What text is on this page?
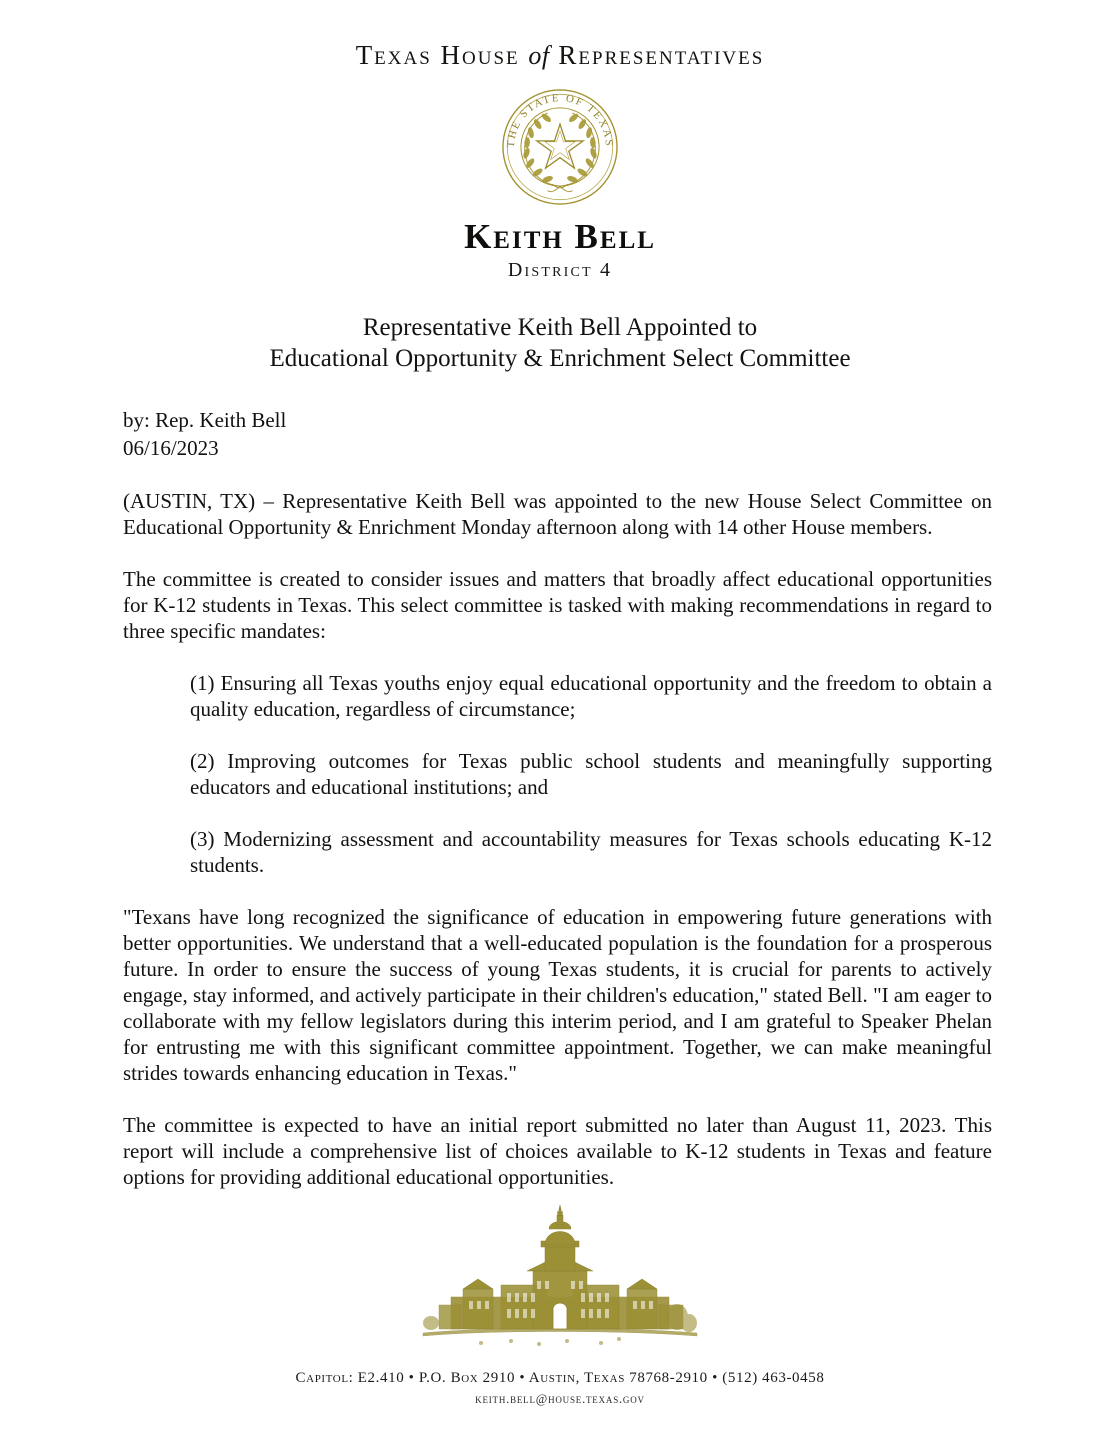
Texas House of Representatives
THE STATE OF TEXAS
Keith Bell
District 4
Representative Keith Bell Appointed to
Educational Opportunity & Enrichment Select Committee
by: Rep. Keith Bell
06/16/2023

(AUSTIN, TX) – Representative Keith Bell was appointed to the new House Select Committee on Educational Opportunity & Enrichment Monday afternoon along with 14 other House members.

The committee is created to consider issues and matters that broadly affect educational opportunities for K-12 students in Texas. This select committee is tasked with making recommendations in regard to three specific mandates:

(1) Ensuring all Texas youths enjoy equal educational opportunity and the freedom to obtain a quality education, regardless of circumstance;

(2) Improving outcomes for Texas public school students and meaningfully supporting educators and educational institutions; and

(3) Modernizing assessment and accountability measures for Texas schools educating K-12 students.

"Texans have long recognized the significance of education in empowering future generations with better opportunities. We understand that a well-educated population is the foundation for a prosperous future. In order to ensure the success of young Texas students, it is crucial for parents to actively engage, stay informed, and actively participate in their children's education," stated Bell. "I am eager to collaborate with my fellow legislators during this interim period, and I am grateful to Speaker Phelan for entrusting me with this significant committee appointment. Together, we can make meaningful strides towards enhancing education in Texas."

The committee is expected to have an initial report submitted no later than August 11, 2023. This report will include a comprehensive list of choices available to K-12 students in Texas and feature options for providing additional educational opportunities.

Capitol: E2.410 • P.O. Box 2910 • Austin, Texas 78768-2910 • (512) 463-0458
keith.bell@house.texas.gov
